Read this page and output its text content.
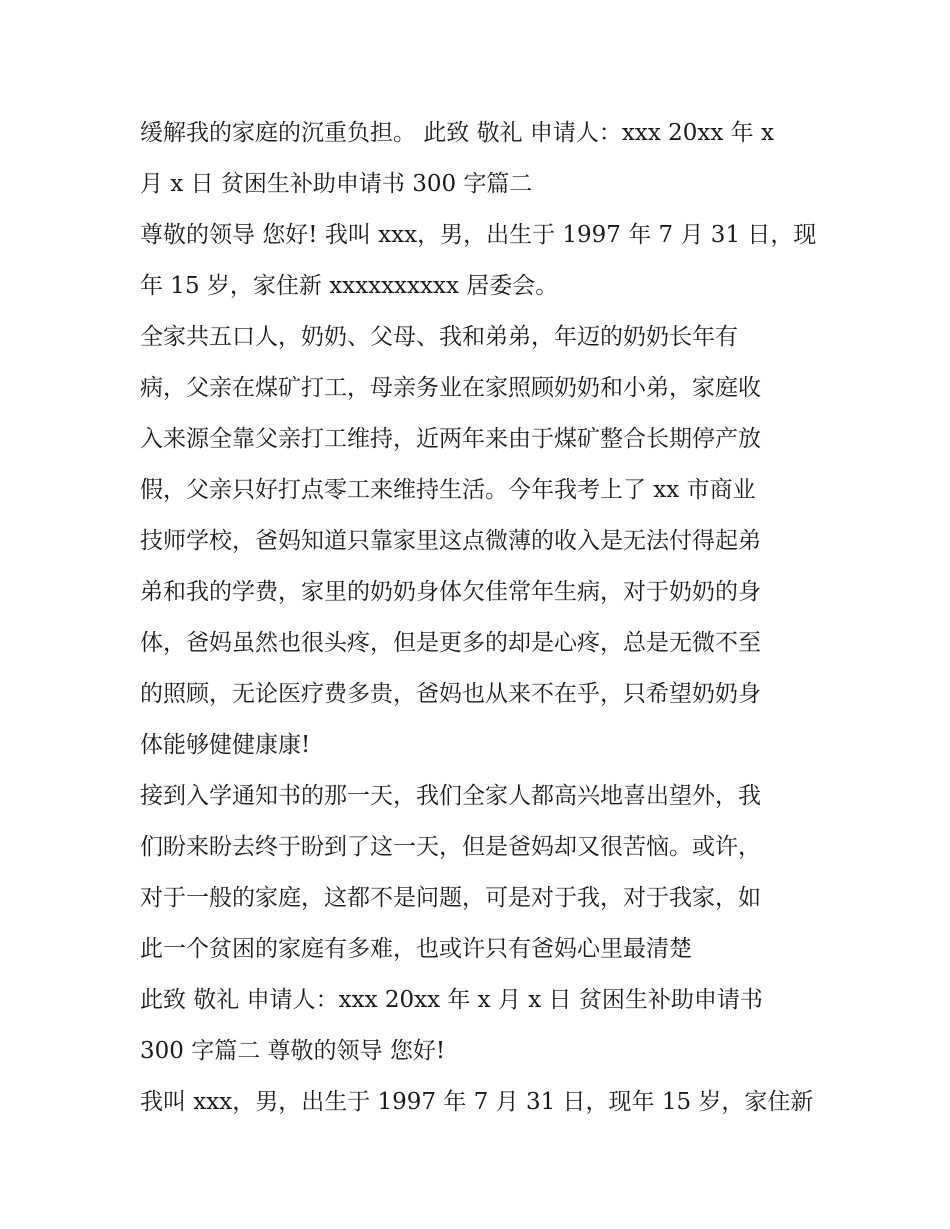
缓解我的家庭的沉重负担。 此致 敬礼 申请人：xxx 20xx 年 x
月 x 日 贫困生补助申请书 300 字篇二
尊敬的领导 您好! 我叫 xxx，男，出生于 1997 年 7 月 31 日，现
年 15 岁，家住新 xxxxxxxxxx 居委会。
全家共五口人，奶奶、父母、我和弟弟，年迈的奶奶长年有
病，父亲在煤矿打工，母亲务业在家照顾奶奶和小弟，家庭收
入来源全靠父亲打工维持，近两年来由于煤矿整合长期停产放
假，父亲只好打点零工来维持生活。今年我考上了 xx 市商业
技师学校，爸妈知道只靠家里这点微薄的收入是无法付得起弟
弟和我的学费，家里的奶奶身体欠佳常年生病，对于奶奶的身
体，爸妈虽然也很头疼，但是更多的却是心疼，总是无微不至
的照顾，无论医疗费多贵，爸妈也从来不在乎，只希望奶奶身
体能够健健康康!
接到入学通知书的那一天，我们全家人都高兴地喜出望外，我
们盼来盼去终于盼到了这一天，但是爸妈却又很苦恼。或许，
对于一般的家庭，这都不是问题，可是对于我，对于我家，如
此一个贫困的家庭有多难，也或许只有爸妈心里最清楚
此致 敬礼 申请人：xxx 20xx 年 x 月 x 日 贫困生补助申请书
300 字篇二 尊敬的领导 您好!
我叫 xxx，男，出生于 1997 年 7 月 31 日，现年 15 岁，家住新
